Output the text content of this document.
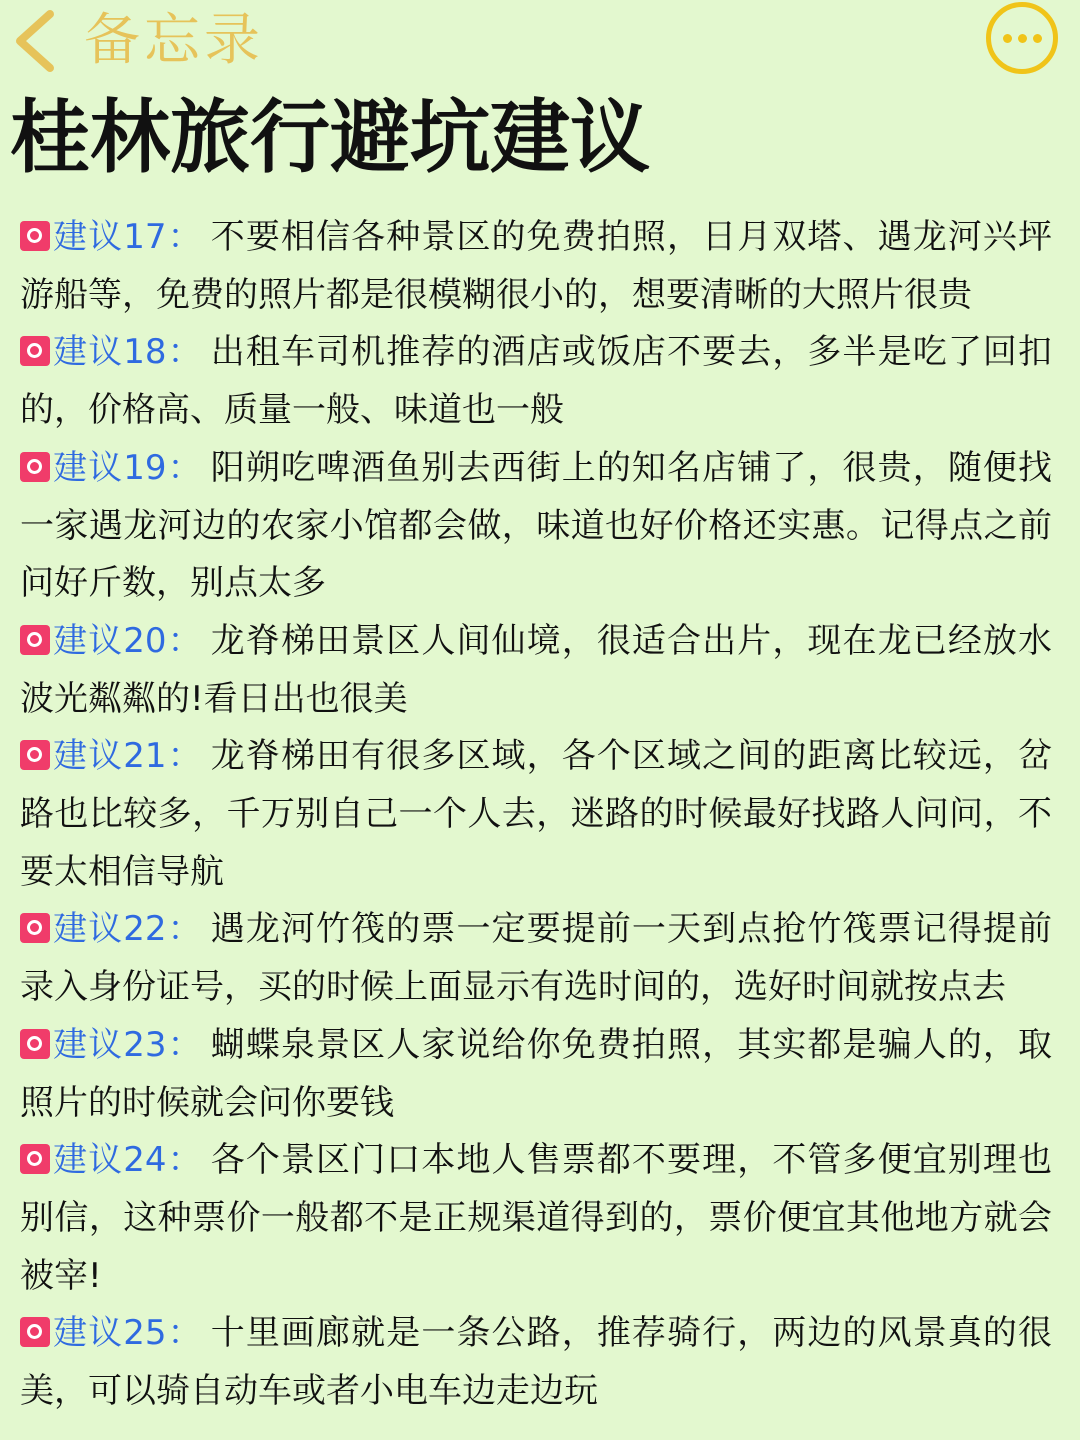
备忘录
桂林旅行避坑建议
建议17： 不要相信各种景区的免费拍照，日月双塔、遇龙河兴坪游船等，免费的照片都是很模糊很小的，想要清晰的大照片很贵
建议18： 出租车司机推荐的酒店或饭店不要去，多半是吃了回扣的，价格高、质量一般、味道也一般
建议19： 阳朔吃啤酒鱼别去西街上的知名店铺了，很贵，随便找一家遇龙河边的农家小馆都会做，味道也好价格还实惠。记得点之前问好斤数，别点太多
建议20： 龙脊梯田景区人间仙境，很适合出片，现在龙已经放水波光粼粼的!看日出也很美
建议21： 龙脊梯田有很多区域，各个区域之间的距离比较远，岔路也比较多，千万别自己一个人去，迷路的时候最好找路人问问，不要太相信导航
建议22： 遇龙河竹筏的票一定要提前一天到点抢竹筏票记得提前录入身份证号，买的时候上面显示有选时间的，选好时间就按点去
建议23： 蝴蝶泉景区人家说给你免费拍照，其实都是骗人的，取照片的时候就会问你要钱
建议24： 各个景区门口本地人售票都不要理，不管多便宜别理也别信，这种票价一般都不是正规渠道得到的，票价便宜其他地方就会被宰!
建议25： 十里画廊就是一条公路，推荐骑行，两边的风景真的很美，可以骑自动车或者小电车边走边玩
